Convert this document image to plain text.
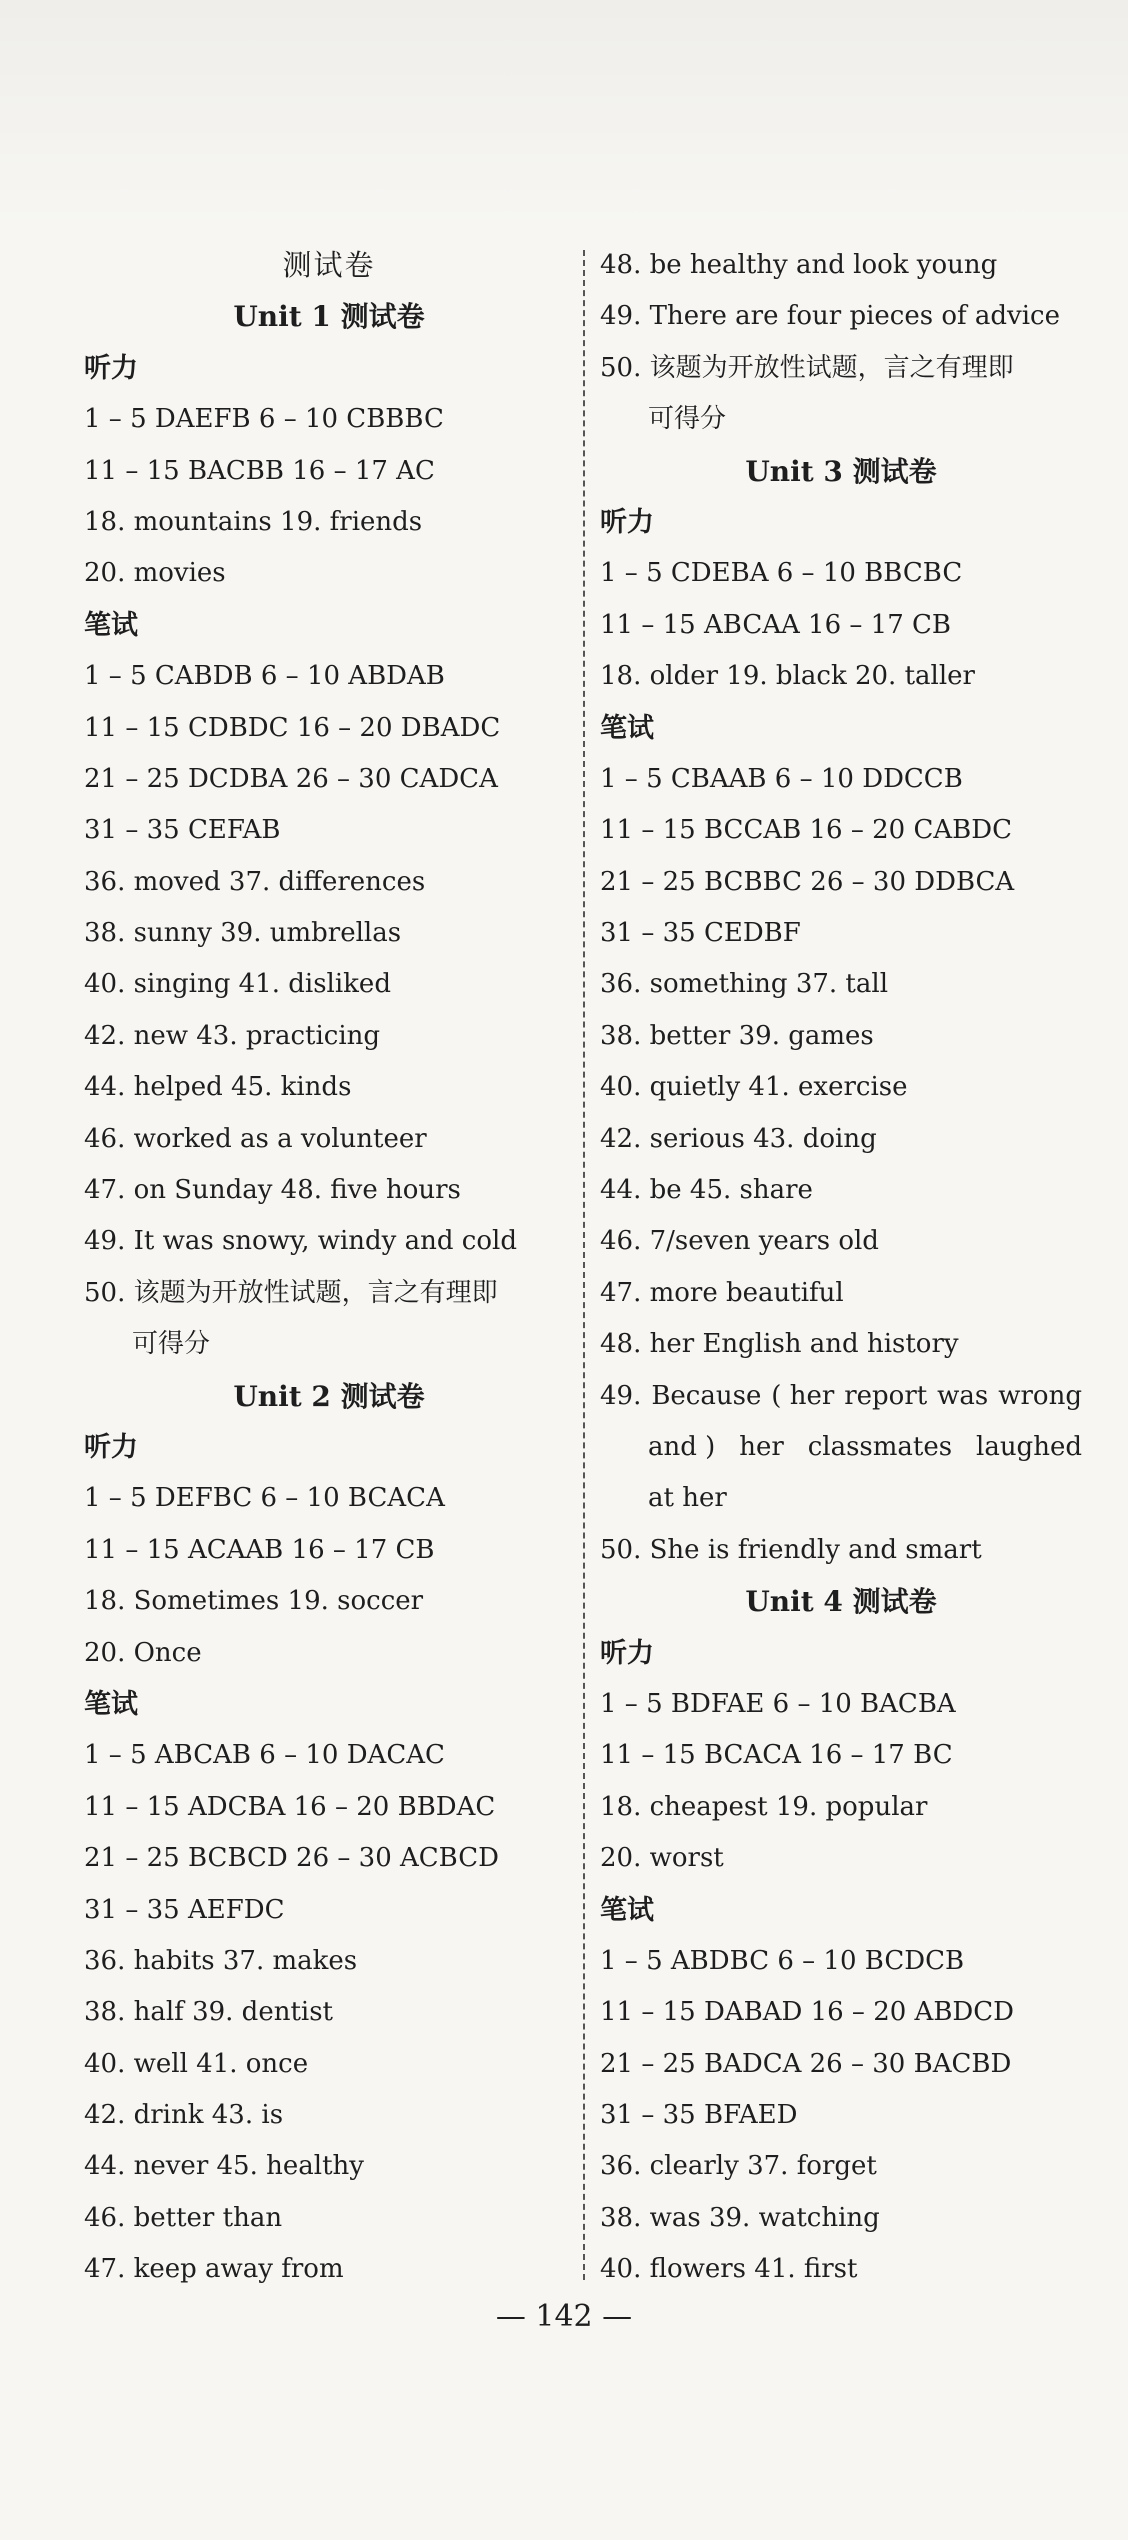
测试卷
Unit 1 测试卷
听力
1 – 5 DAEFB 6 – 10 CBBBC
11 – 15 BACBB 16 – 17 AC
18. mountains 19. friends
20. movies
笔试
1 – 5 CABDB 6 – 10 ABDAB
11 – 15 CDBDC 16 – 20 DBADC
21 – 25 DCDBA 26 – 30 CADCA
31 – 35 CEFAB
36. moved 37. differences
38. sunny 39. umbrellas
40. singing 41. disliked
42. new 43. practicing
44. helped 45. kinds
46. worked as a volunteer
47. on Sunday 48. five hours
49. It was snowy, windy and cold
50. 该题为开放性试题，言之有理即
可得分
Unit 2 测试卷
听力
1 – 5 DEFBC 6 – 10 BCACA
11 – 15 ACAAB 16 – 17 CB
18. Sometimes 19. soccer
20. Once
笔试
1 – 5 ABCAB 6 – 10 DACAC
11 – 15 ADCBA 16 – 20 BBDAC
21 – 25 BCBCD 26 – 30 ACBCD
31 – 35 AEFDC
36. habits 37. makes
38. half 39. dentist
40. well 41. once
42. drink 43. is
44. never 45. healthy
46. better than
47. keep away from
48. be healthy and look young
49. There are four pieces of advice
50. 该题为开放性试题，言之有理即
可得分
Unit 3 测试卷
听力
1 – 5 CDEBA 6 – 10 BBCBC
11 – 15 ABCAA 16 – 17 CB
18. older 19. black 20. taller
笔试
1 – 5 CBAAB 6 – 10 DDCCB
11 – 15 BCCAB 16 – 20 CABDC
21 – 25 BCBBC 26 – 30 DDBCA
31 – 35 CEDBF
36. something 37. tall
38. better 39. games
40. quietly 41. exercise
42. serious 43. doing
44. be 45. share
46. 7/seven years old
47. more beautiful
48. her English and history
49. Because ( her report was wrong
and ) her classmates laughed
at her
50. She is friendly and smart
Unit 4 测试卷
听力
1 – 5 BDFAE 6 – 10 BACBA
11 – 15 BCACA 16 – 17 BC
18. cheapest 19. popular
20. worst
笔试
1 – 5 ABDBC 6 – 10 BCDCB
11 – 15 DABAD 16 – 20 ABDCD
21 – 25 BADCA 26 – 30 BACBD
31 – 35 BFAED
36. clearly 37. forget
38. was 39. watching
40. flowers 41. first
— 142 —
